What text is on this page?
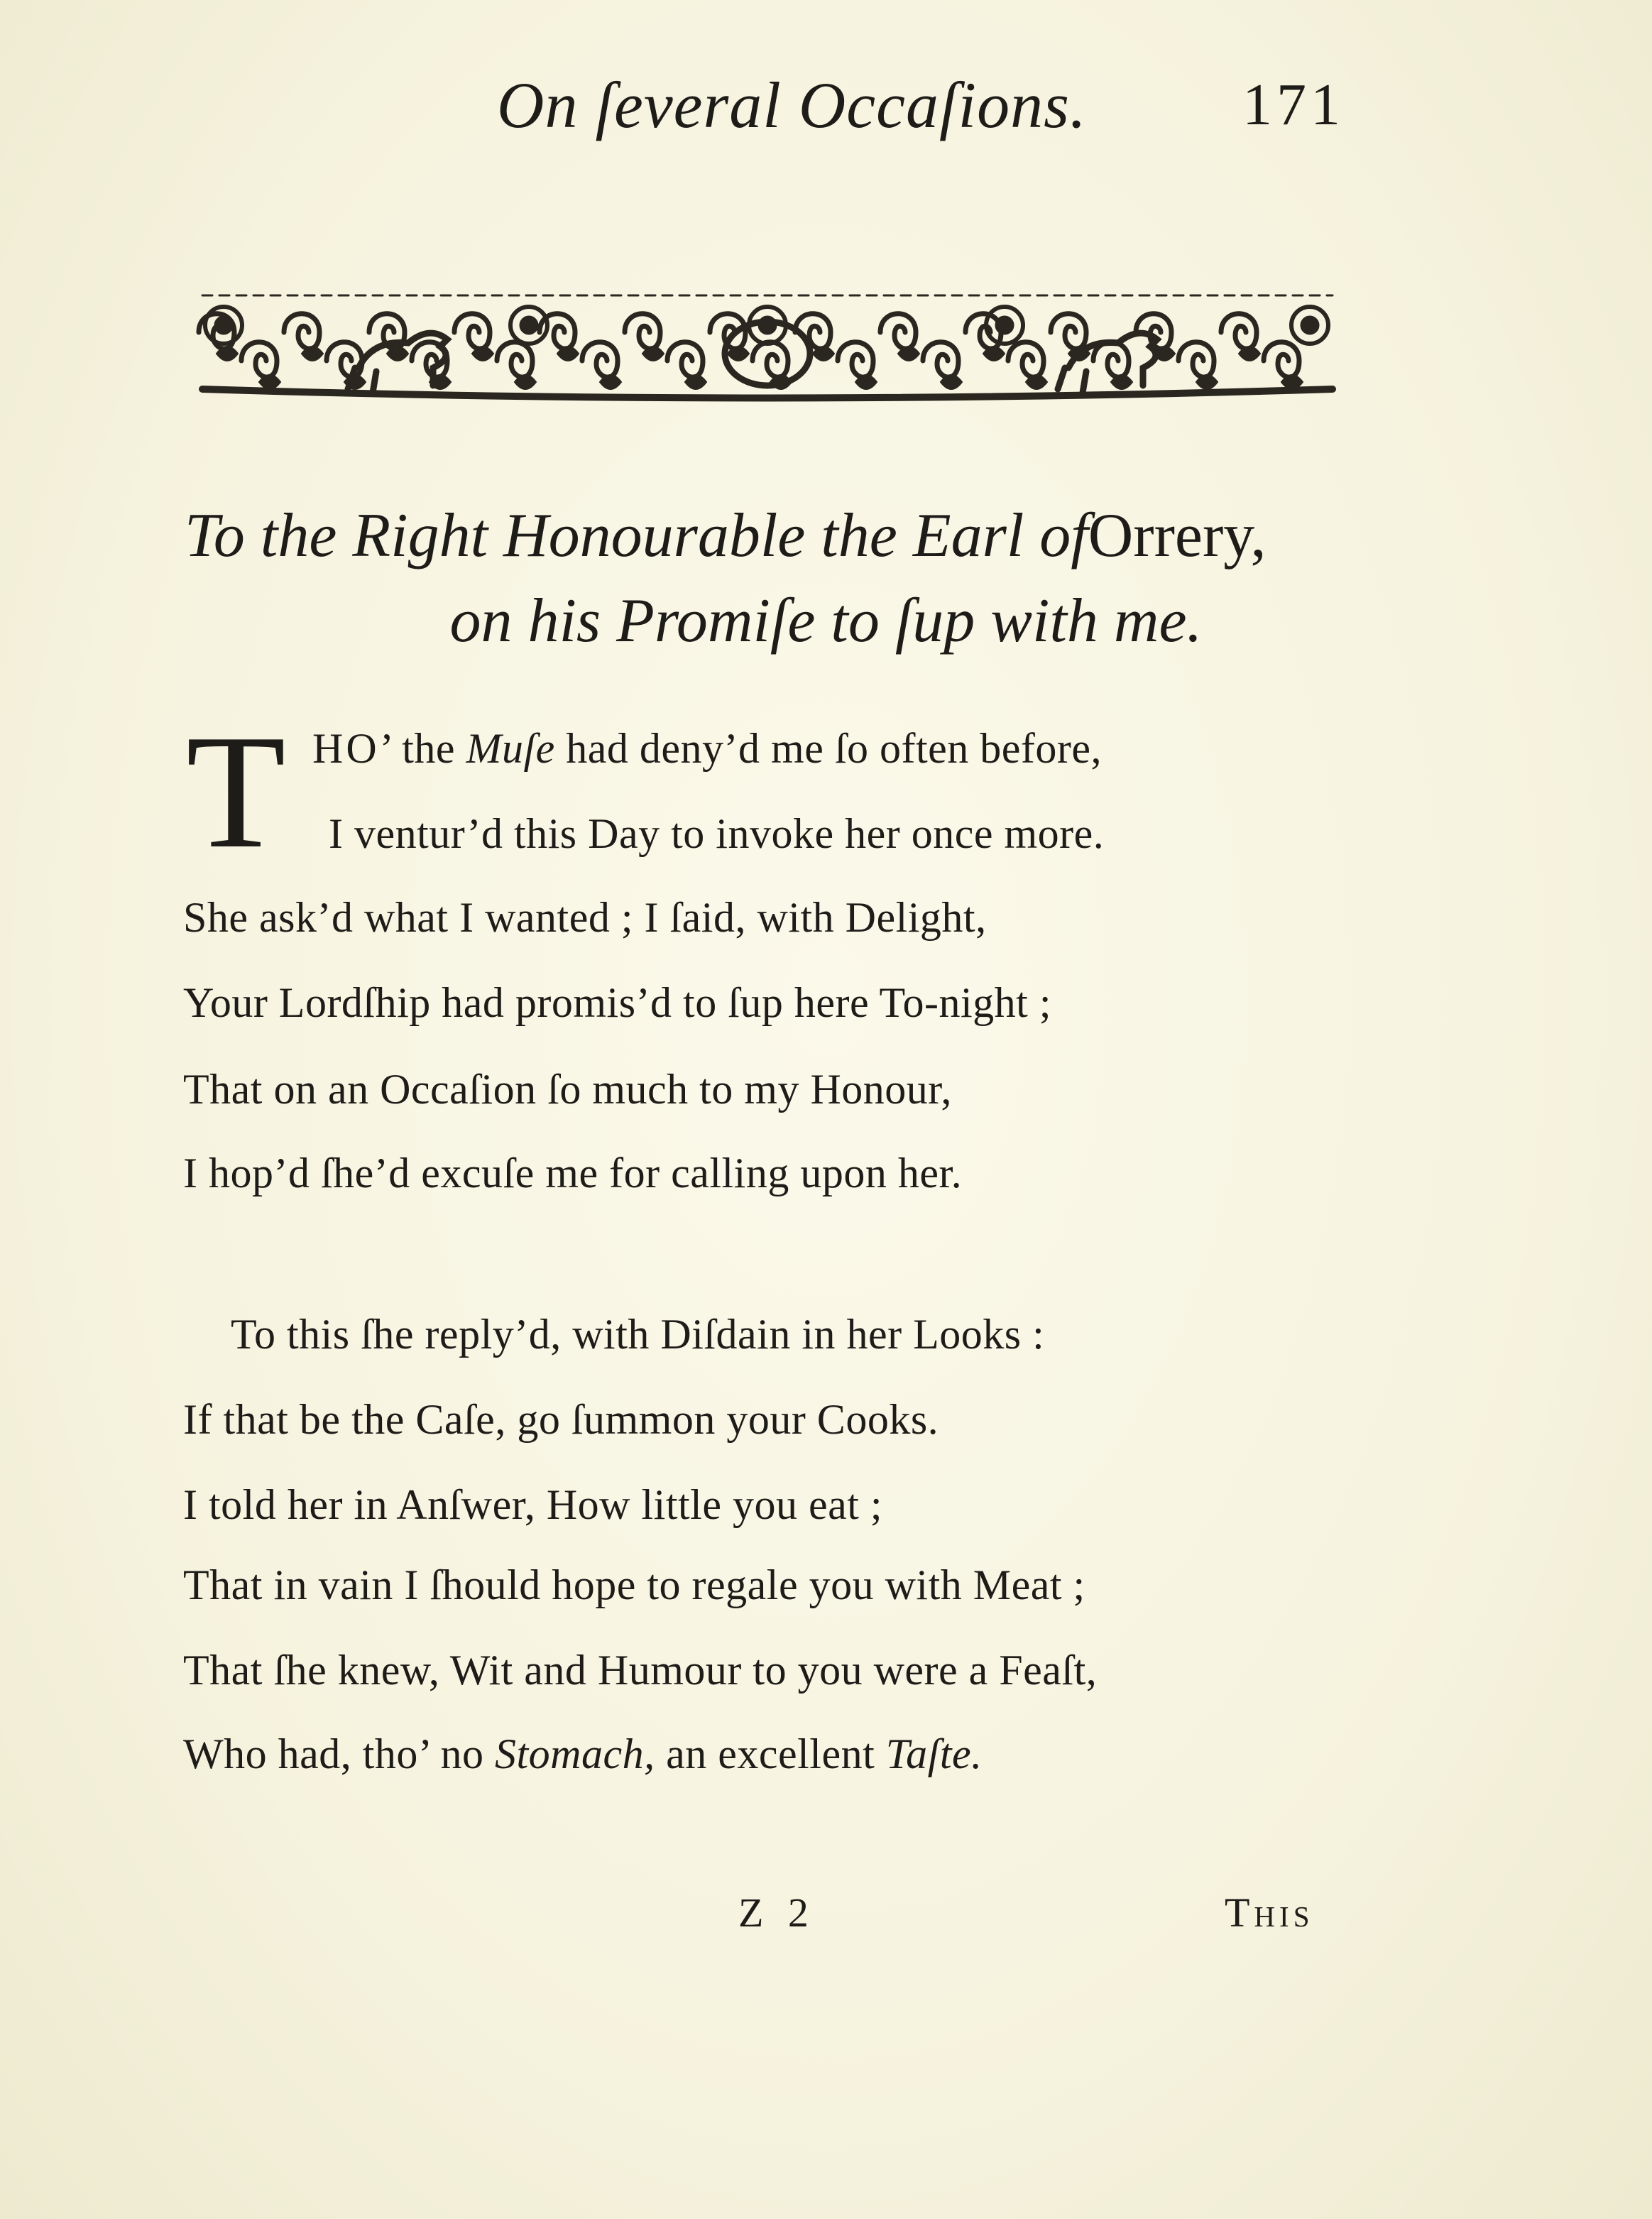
On ſeveral Occaſions.	171
To the Right Honourable the Earl ofOrrery,
on his Promiſe to ſup with me.
T HO’ the Muſe had deny’d me ſo often before,
I ventur’d this Day to invoke her once more.
She ask’d what I wanted ; I ſaid, with Delight,
Your Lordſhip had promis’d to ſup here To-night ;
That on an Occaſion ſo much to my Honour,
I hop’d ſhe’d excuſe me for calling upon her.
To this ſhe reply’d, with Diſdain in her Looks :
If that be the Caſe, go ſummon your Cooks.
I told her in Anſwer, How little you eat ;
That in vain I ſhould hope to regale you with Meat ;
That ſhe knew, Wit and Humour to you were a Feaſt,
Who had, tho’ no Stomach, an excellent Taſte.
Z 2	This
